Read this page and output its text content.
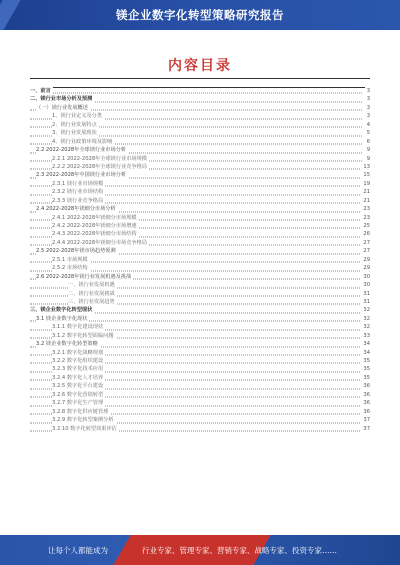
镁企业数字化转型策略研究报告
内容目录
一、前言	3
二、镁行业市场分析及预测	3
（一）镁行业发展概述	3
1、镁行业定义及分类	3
2、镁行业发展特点	4
3、镁行业发展现状	5
4、镁行业政策环境及影响	6
2.2 2022-2028年全球镁行业市场分析	9
2.2.1 2022-2028年全球镁行业市场规模	9
2.2.2 2022-2028年全球镁行业竞争格局	13
2.3 2022-2028年中国镁行业市场分析	15
2.3.1 镁行业市场规模	19
2.3.2 镁行业市场结构	21
2.3.3 镁行业竞争格局	21
2.4 2022-2028年镁细分市场分析	23
2.4.1 2022-2028年镁细分市场规模	23
2.4.2 2022-2028年镁细分市场增速	25
2.4.3 2022-2028年镁细分市场结构	26
2.4.4 2022-2028年镁细分市场竞争格局	27
2.5 2022-2028年镁市场趋势预测	27
2.5.1 市场规模	29
2.5.2 市场结构	29
2.6 2022-2028年镁行业发展机遇及挑战	30
一、镁行业发展机遇	30
二、镁行业发展挑战	31
三、镁行业发展趋势	31
三、镁企业数字化转型现状	32
3.1 镁企业数字化现状	32
3.1.1 数字化建设现状	32
3.1.2 数字化转型面临问题	33
3.2 镁企业数字化转型策略	34
3.2.1 数字化战略规划	34
3.2.2 数字化组织建设	35
3.2.3 数字化技术应用	35
3.2.4 数字化人才培养	35
3.2.5 数字化平台建设	36
3.2.6 数字化营销转型	36
3.2.7 数字化生产管理	36
3.2.8 数字化供应链管理	36
3.2.9 数字化转型案例分析	37
3.2.10 数字化转型效果评估	37
让每个人都能成为	行业专家、管理专家、营销专家、战略专家、投资专家……
